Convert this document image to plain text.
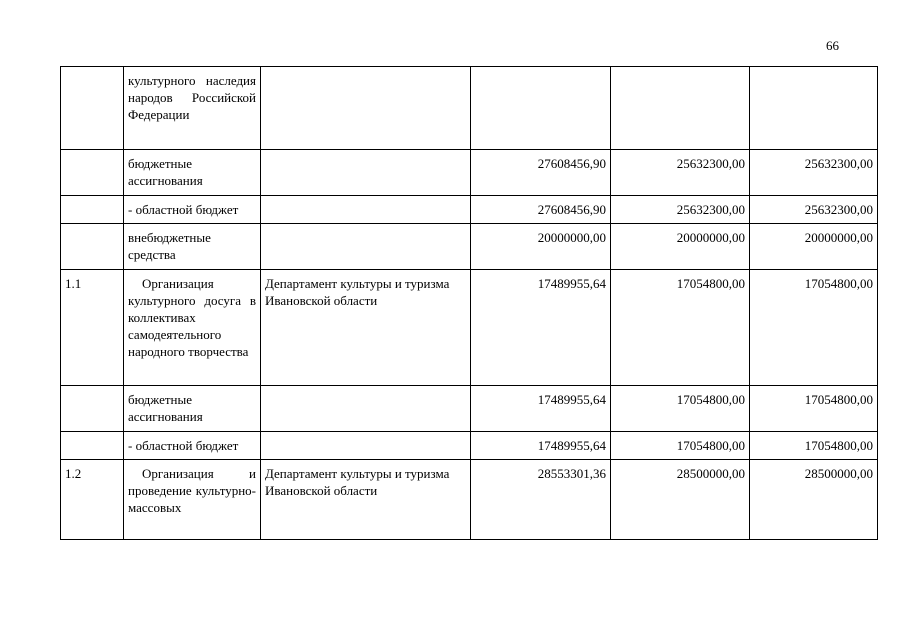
66
	культурного наследия народов Российской Федерации				
	бюджетные ассигнования		27608456,90	25632300,00	25632300,00
	- областной бюджет		27608456,90	25632300,00	25632300,00
	внебюджетные средства		20000000,00	20000000,00	20000000,00
1.1	Организация культурного досуга в коллективах самодеятельного народного творчества	Департамент культуры и туризма Ивановской области	17489955,64	17054800,00	17054800,00
	бюджетные ассигнования		17489955,64	17054800,00	17054800,00
	- областной бюджет		17489955,64	17054800,00	17054800,00
1.2	Организация и проведение культурно-массовых	Департамент культуры и туризма Ивановской области	28553301,36	28500000,00	28500000,00
